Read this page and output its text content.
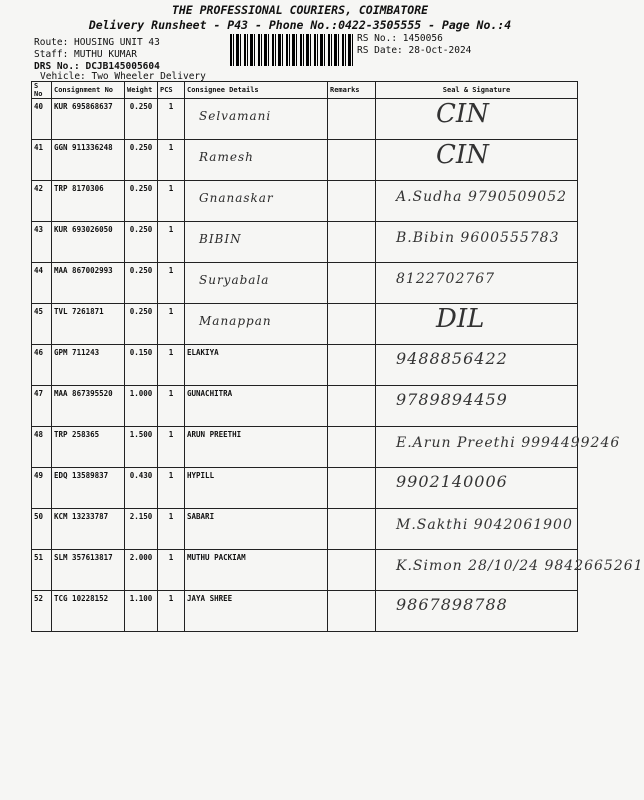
THE PROFESSIONAL COURIERS, COIMBATORE
Delivery Runsheet - P43 - Phone No.:0422-3505555 - Page No.:4
Route: HOUSING UNIT 43
Staff: MUTHU KUMAR
DRS No.: DCJB145005604
Vehicle: Two Wheeler Delivery
RS No.: 1450056
RS Date: 28-Oct-2024
S No	Consignment No	Weight	PCS	Consignee Details	Remarks	Seal & Signature
40	KUR 695868637	0.250	1	Selvamani		CIN

41	GGN 911336248	0.250	1	Ramesh		CIN

42	TRP 8170306	0.250	1	Gnanaskar		A.Sudha 9790509052

43	KUR 693026050	0.250	1	BIBIN		B.Bibin 9600555783

44	MAA 867002993	0.250	1	Suryabala		8122702767

45	TVL 7261871	0.250	1	Manappan		DIL

46	GPM 711243	0.150	1	ELAKIYA		9488856422

47	MAA 867395520	1.000	1	GUNACHITRA		9789894459

48	TRP 258365	1.500	1	ARUN PREETHI		E.Arun Preethi 9994499246

49	EDQ 13589837	0.430	1	HYPILL		9902140006

50	KCM 13233787	2.150	1	SABARI		M.Sakthi 9042061900

51	SLM 357613817	2.000	1	MUTHU PACKIAM		K.Simon 28/10/24 9842665261

52	TCG 10228152	1.100	1	JAYA SHREE		9867898788
